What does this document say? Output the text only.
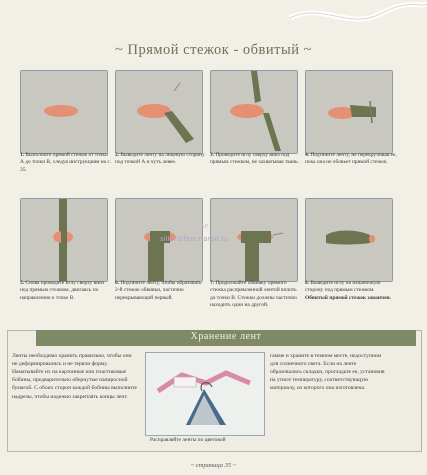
~ Прямой стежок - обвитый ~
1. Выполните прямой стежок от точки А до точки В, следуя инструкциям на с. 35.
2. Выведите ленту на лицевую сторону под точкой А и чуть левее.
3. Проведите иглу сверху вниз под прямым стежком, не захватывая ткань.
4. Подтяните ленту, не перекручивая ее, пока она не обовьет прямой стежок.
5. Снова проведите иглу сверху вниз под прямым стежком, двигаясь по направлению к точке В.
6. Подтяните ленту, чтобы образовать 2-й стежок обвивки, частично перекрывающий первый.
7. Продолжайте обвивку прямого стежка распрямленной лентой вплоть до точки В. Стежки должны частично находить один на другой.
8. Выведите иглу на изнаночную сторону под прямым стежком. Обвитый прямой стежок закончен.
for personal use only
silk-ribbon.narod.ru
Хранение лент
Ленты необходимо хранить правильно, чтобы они не деформировались и не теряли форму. Наматывайте их на картонные или пластиковые бобины, предварительно обернутые папиросной бумагой. С обоих сторон каждой бобины выполните надрезы, чтобы надежно закреплять концы лент.
Расправляйте ленты по цветовой
гамме и храните в темном месте, недоступном для солнечного света. Если на ленте образовались складки, прогладьте ее, установив на утюге температуру, соответствующую материалу, из которого она изготовлена.
~ страница 35 ~
